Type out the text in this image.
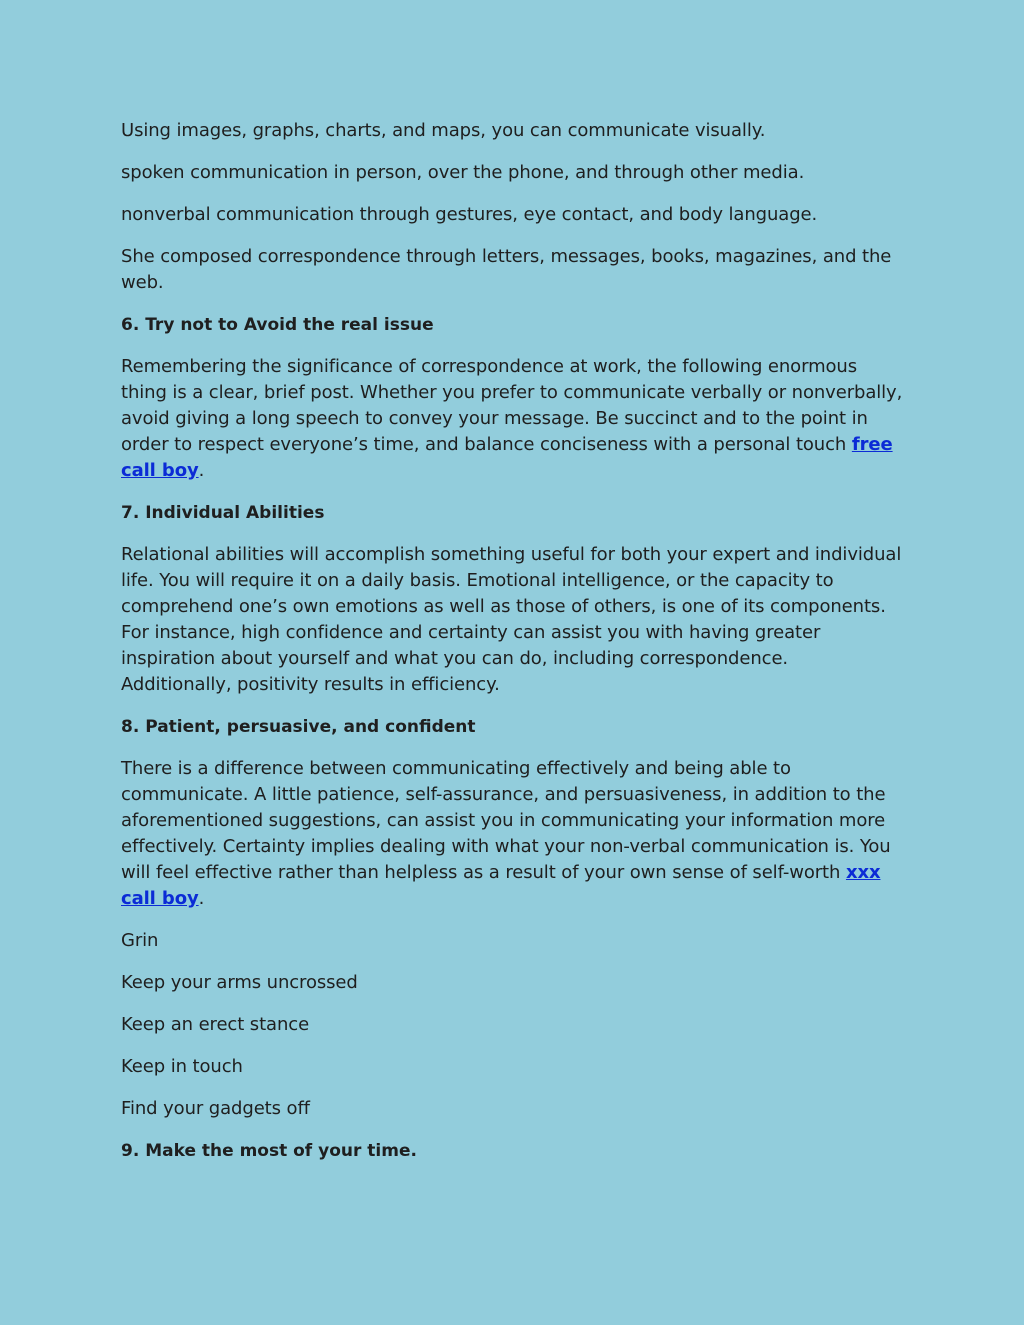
Using images, graphs, charts, and maps, you can communicate visually.

spoken communication in person, over the phone, and through other media.

nonverbal communication through gestures, eye contact, and body language.

She composed correspondence through letters, messages, books, magazines, and the web.

6. Try not to Avoid the real issue

Remembering the significance of correspondence at work, the following enormous thing is a clear, brief post. Whether you prefer to communicate verbally or nonverbally, avoid giving a long speech to convey your message. Be succinct and to the point in order to respect everyone’s time, and balance conciseness with a personal touch free call boy.

7. Individual Abilities

Relational abilities will accomplish something useful for both your expert and individual life. You will require it on a daily basis. Emotional intelligence, or the capacity to comprehend one’s own emotions as well as those of others, is one of its components. For instance, high confidence and certainty can assist you with having greater inspiration about yourself and what you can do, including correspondence. Additionally, positivity results in efficiency.

8. Patient, persuasive, and confident

There is a difference between communicating effectively and being able to communicate. A little patience, self-assurance, and persuasiveness, in addition to the aforementioned suggestions, can assist you in communicating your information more effectively. Certainty implies dealing with what your non-verbal communication is. You will feel effective rather than helpless as a result of your own sense of self-worth xxx call boy.

Grin

Keep your arms uncrossed

Keep an erect stance

Keep in touch

Find your gadgets off

9. Make the most of your time.
